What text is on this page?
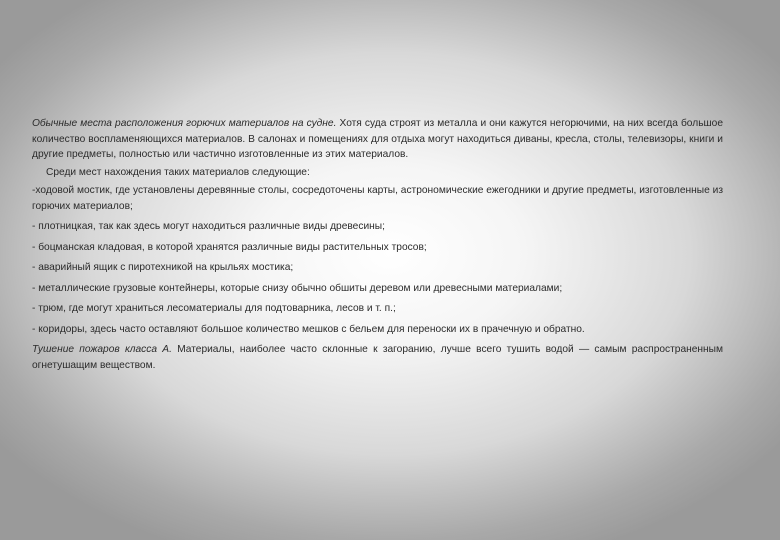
Обычные места расположения горючих материалов на судне. Хотя суда строят из металла и они кажутся негорючими, на них всегда большое количество воспламеняющихся материалов. В салонах и помещениях для отдыха могут находиться диваны, кресла, столы, телевизоры, книги и другие предметы, полностью или частично изготовленные из этих материалов.

Среди мест нахождения таких материалов следующие:

-ходовой мостик, где установлены деревянные столы, сосредоточены карты, астрономические ежегодники и другие предметы, изготовленные из горючих материалов;

- плотницкая, так как здесь могут находиться различные виды древесины;

- боцманская кладовая, в которой хранятся различные виды растительных тросов;

- аварийный ящик с пиротехникой на крыльях мостика;

- металлические грузовые контейнеры, которые снизу обычно обшиты деревом или древесными материалами;

- трюм, где могут храниться лесоматериалы для подтоварника, лесов и т. п.;

- коридоры, здесь часто оставляют большое количество мешков с бельем для переноски их в прачечную и обратно.

Тушение пожаров класса А. Материалы, наиболее часто склонные к загоранию, лучше всего тушить водой — самым распространенным огнетушащим веществом.
